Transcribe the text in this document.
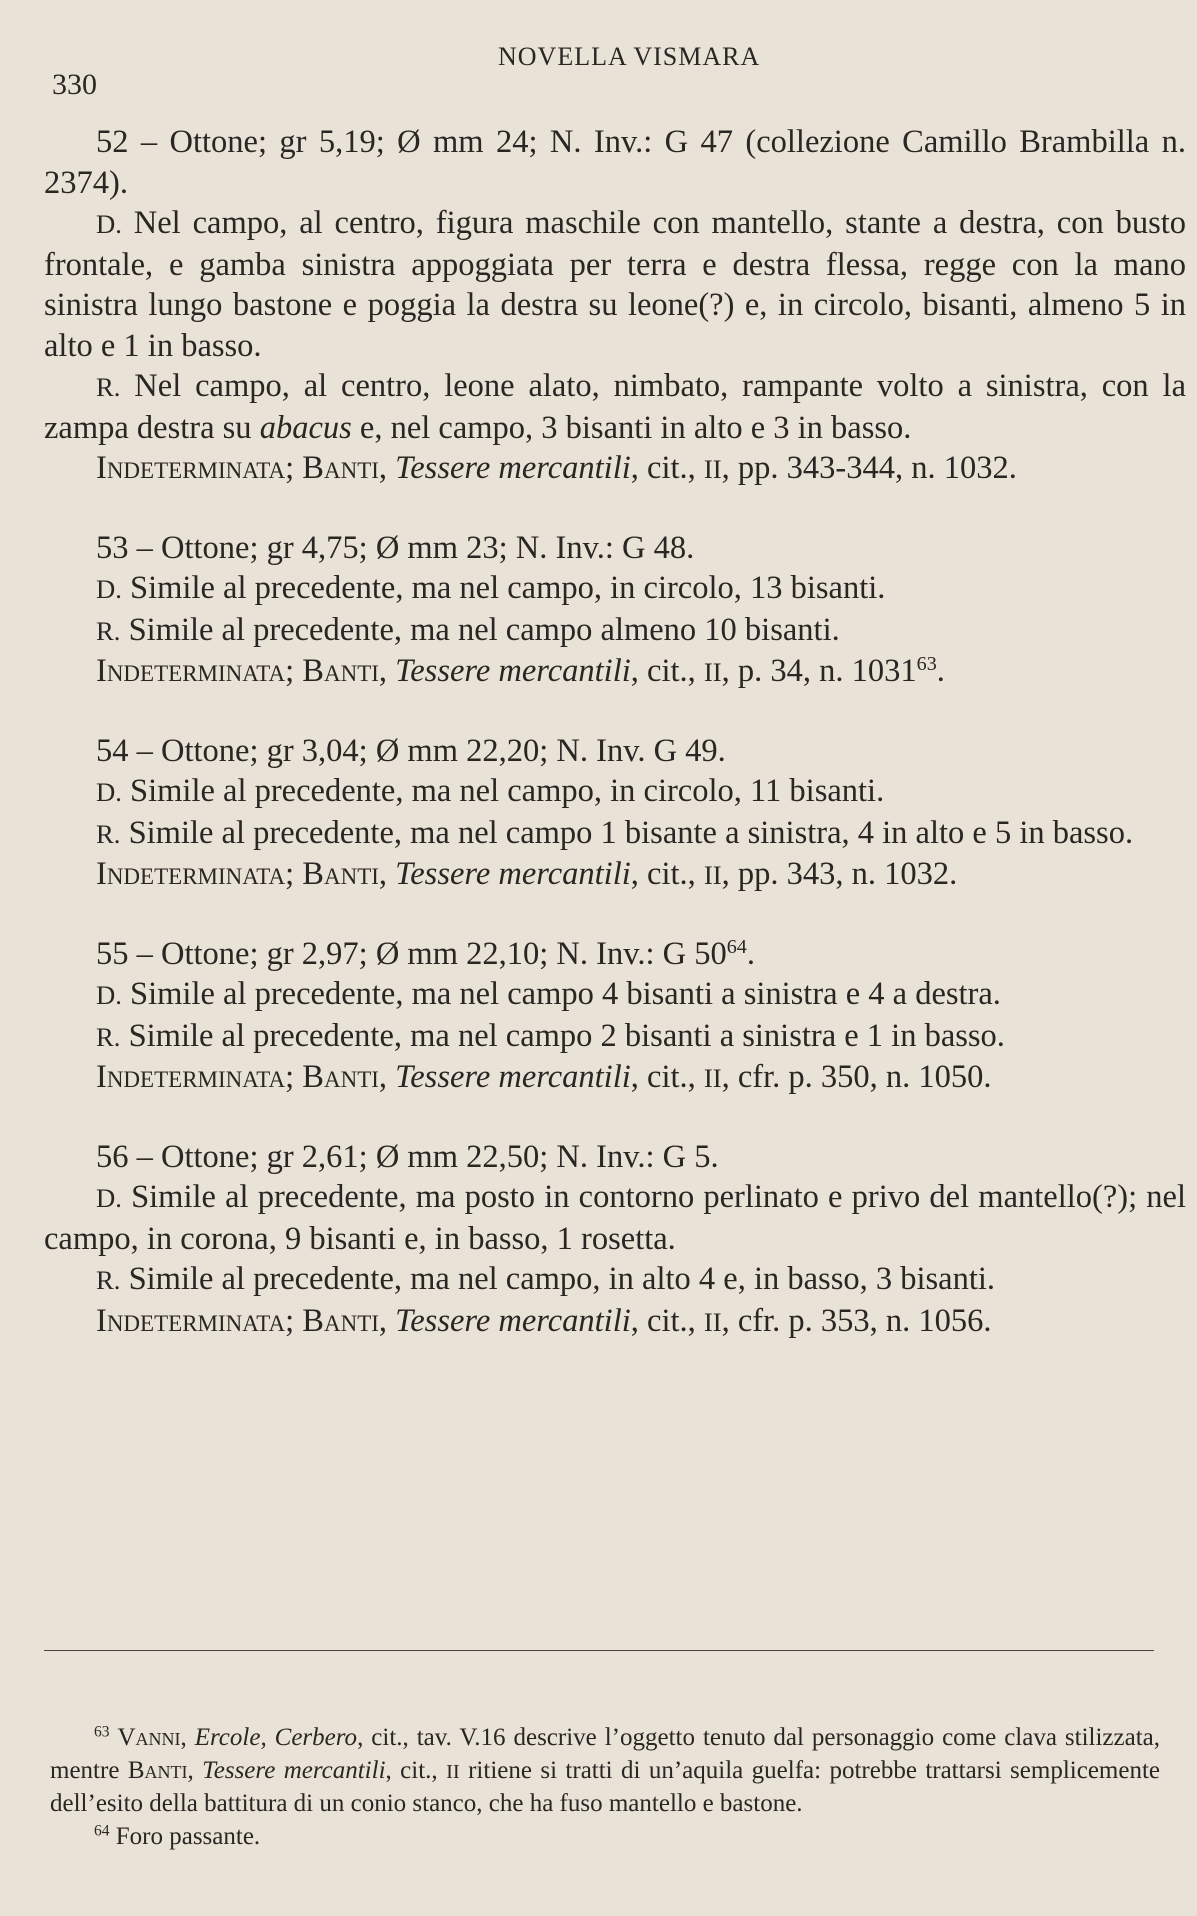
NOVELLA VISMARA
330

52 – Ottone; gr 5,19; Ø mm 24; N. Inv.: G 47 (collezione Camillo Brambilla n. 2374).

D. Nel campo, al centro, figura maschile con mantello, stante a destra, con busto frontale, e gamba sinistra appoggiata per terra e destra flessa, regge con la mano sinistra lungo bastone e poggia la destra su leone(?) e, in circolo, bisanti, almeno 5 in alto e 1 in basso.

R. Nel campo, al centro, leone alato, nimbato, rampante volto a sinistra, con la zampa destra su abacus e, nel campo, 3 bisanti in alto e 3 in basso.

Indeterminata; Banti, Tessere mercantili, cit., II, pp. 343-344, n. 1032.

53 – Ottone; gr 4,75; Ø mm 23; N. Inv.: G 48.

D. Simile al precedente, ma nel campo, in circolo, 13 bisanti.

R. Simile al precedente, ma nel campo almeno 10 bisanti.

Indeterminata; Banti, Tessere mercantili, cit., II, p. 34, n. 1031$^{63}$.

54 – Ottone; gr 3,04; Ø mm 22,20; N. Inv. G 49.

D. Simile al precedente, ma nel campo, in circolo, 11 bisanti.

R. Simile al precedente, ma nel campo 1 bisante a sinistra, 4 in alto e 5 in basso.

Indeterminata; Banti, Tessere mercantili, cit., II, pp. 343, n. 1032.

55 – Ottone; gr 2,97; Ø mm 22,10; N. Inv.: G $50^{64}$.

D. Simile al precedente, ma nel campo 4 bisanti a sinistra e 4 a destra.

R. Simile al precedente, ma nel campo 2 bisanti a sinistra e 1 in basso.

Indeterminata; Banti, Tessere mercantili, cit., II, cfr. p. 350, n. 1050.

56 – Ottone; gr 2,61; Ø mm 22,50; N. Inv.: G 5.

D. Simile al precedente, ma posto in contorno perlinato e privo del mantello(?); nel campo, in corona, 9 bisanti e, in basso, 1 rosetta.

R. Simile al precedente, ma nel campo, in alto 4 e, in basso, 3 bisanti.

Indeterminata; Banti, Tessere mercantili, cit., II, cfr. p. 353, n. 1056.

$^{63}$ Vanni, Ercole, Cerbero, cit., tav. V.16 descrive l’oggetto tenuto dal personaggio come clava stilizzata, mentre Banti, Tessere mercantili, cit., II ritiene si tratti di un’aquila guelfa: potrebbe trattarsi semplicemente dell’esito della battitura di un conio stanco, che ha fuso mantello e bastone.

$^{64}$ Foro passante.
